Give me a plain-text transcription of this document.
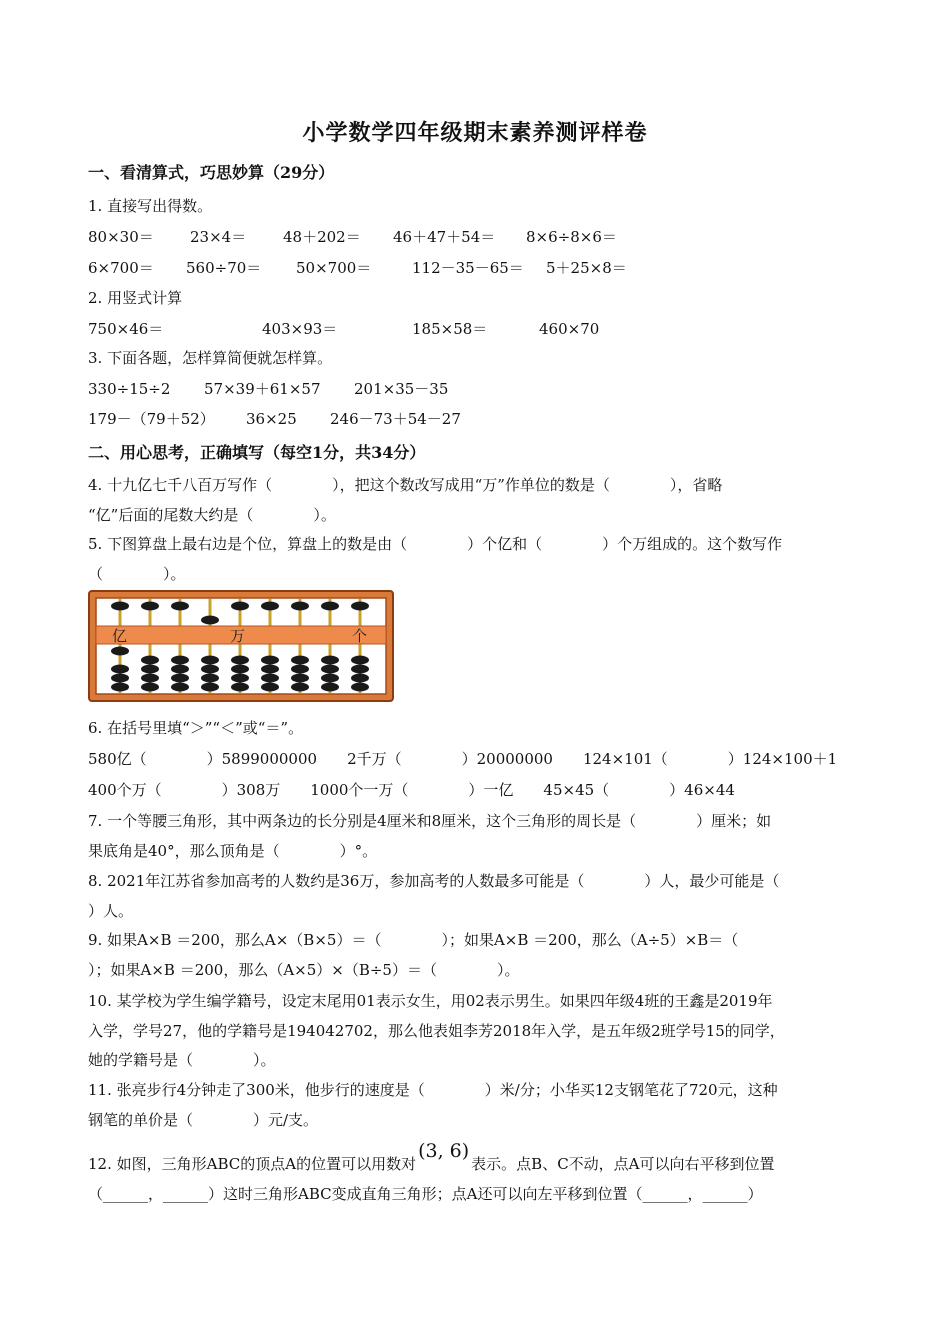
小学数学四年级期末素养测评样卷
一、看清算式，巧思妙算（29分）
1. 直接写出得数。
80×30＝ 23×4＝ 48＋202＝ 46＋47＋54＝ 8×6÷8×6＝
6×700＝ 560÷70＝ 50×700＝	112－35－65＝ 5＋25×8＝
2. 用竖式计算
750×46＝	403×93＝	185×58＝	460×70
3. 下面各题，怎样算简便就怎样算。
330÷15÷2 57×39＋61×57 201×35－35
179－（79＋52） 36×25 246－73＋54－27
二、用心思考，正确填写（每空1分，共34分）
4. 十九亿七千八百万写作（　　　　），把这个数改写成用“万”作单位的数是（　　　　），省略
“亿”后面的尾数大约是（　　　　）。
5. 下图算盘上最右边是个位，算盘上的数是由（　　　　）个亿和（　　　　）个万组成的。这个数写作
（　　　　）。
亿	万	个
6. 在括号里填“＞”“＜”或“＝”。
580亿（　　　　）5899000000　　2千万（　　　　）20000000　　124×101（　　　　）124×100＋1
400个万（　　　　）308万　　1000个一万（　　　　）一亿　　45×45（　　　　）46×44
7. 一个等腰三角形，其中两条边的长分别是4厘米和8厘米，这个三角形的周长是（　　　　）厘米；如
果底角是40°，那么顶角是（　　　　）°。
8. 2021年江苏省参加高考的人数约是36万，参加高考的人数最多可能是（　　　　）人，最少可能是（
）人。
9. 如果A×B ＝200，那么A×（B×5）＝（　　　　）；如果A×B ＝200，那么（A÷5）×B＝（
）；如果A×B ＝200，那么（A×5）×（B÷5）＝（　　　　）。
10. 某学校为学生编学籍号，设定末尾用01表示女生，用02表示男生。如果四年级4班的王鑫是2019年
入学，学号27，他的学籍号是194042702，那么他表姐李芳2018年入学，是五年级2班学号15的同学，
她的学籍号是（　　　　）。
11. 张亮步行4分钟走了300米，他步行的速度是（　　　　）米/分；小华买12支钢笔花了720元，这种
钢笔的单价是（　　　　）元/支。
12. 如图，三角形ABC的顶点A的位置可以用数对(3, 6)表示。点B、C不动，点A可以向右平移到位置
（______，______）这时三角形ABC变成直角三角形；点A还可以向左平移到位置（______，______）
